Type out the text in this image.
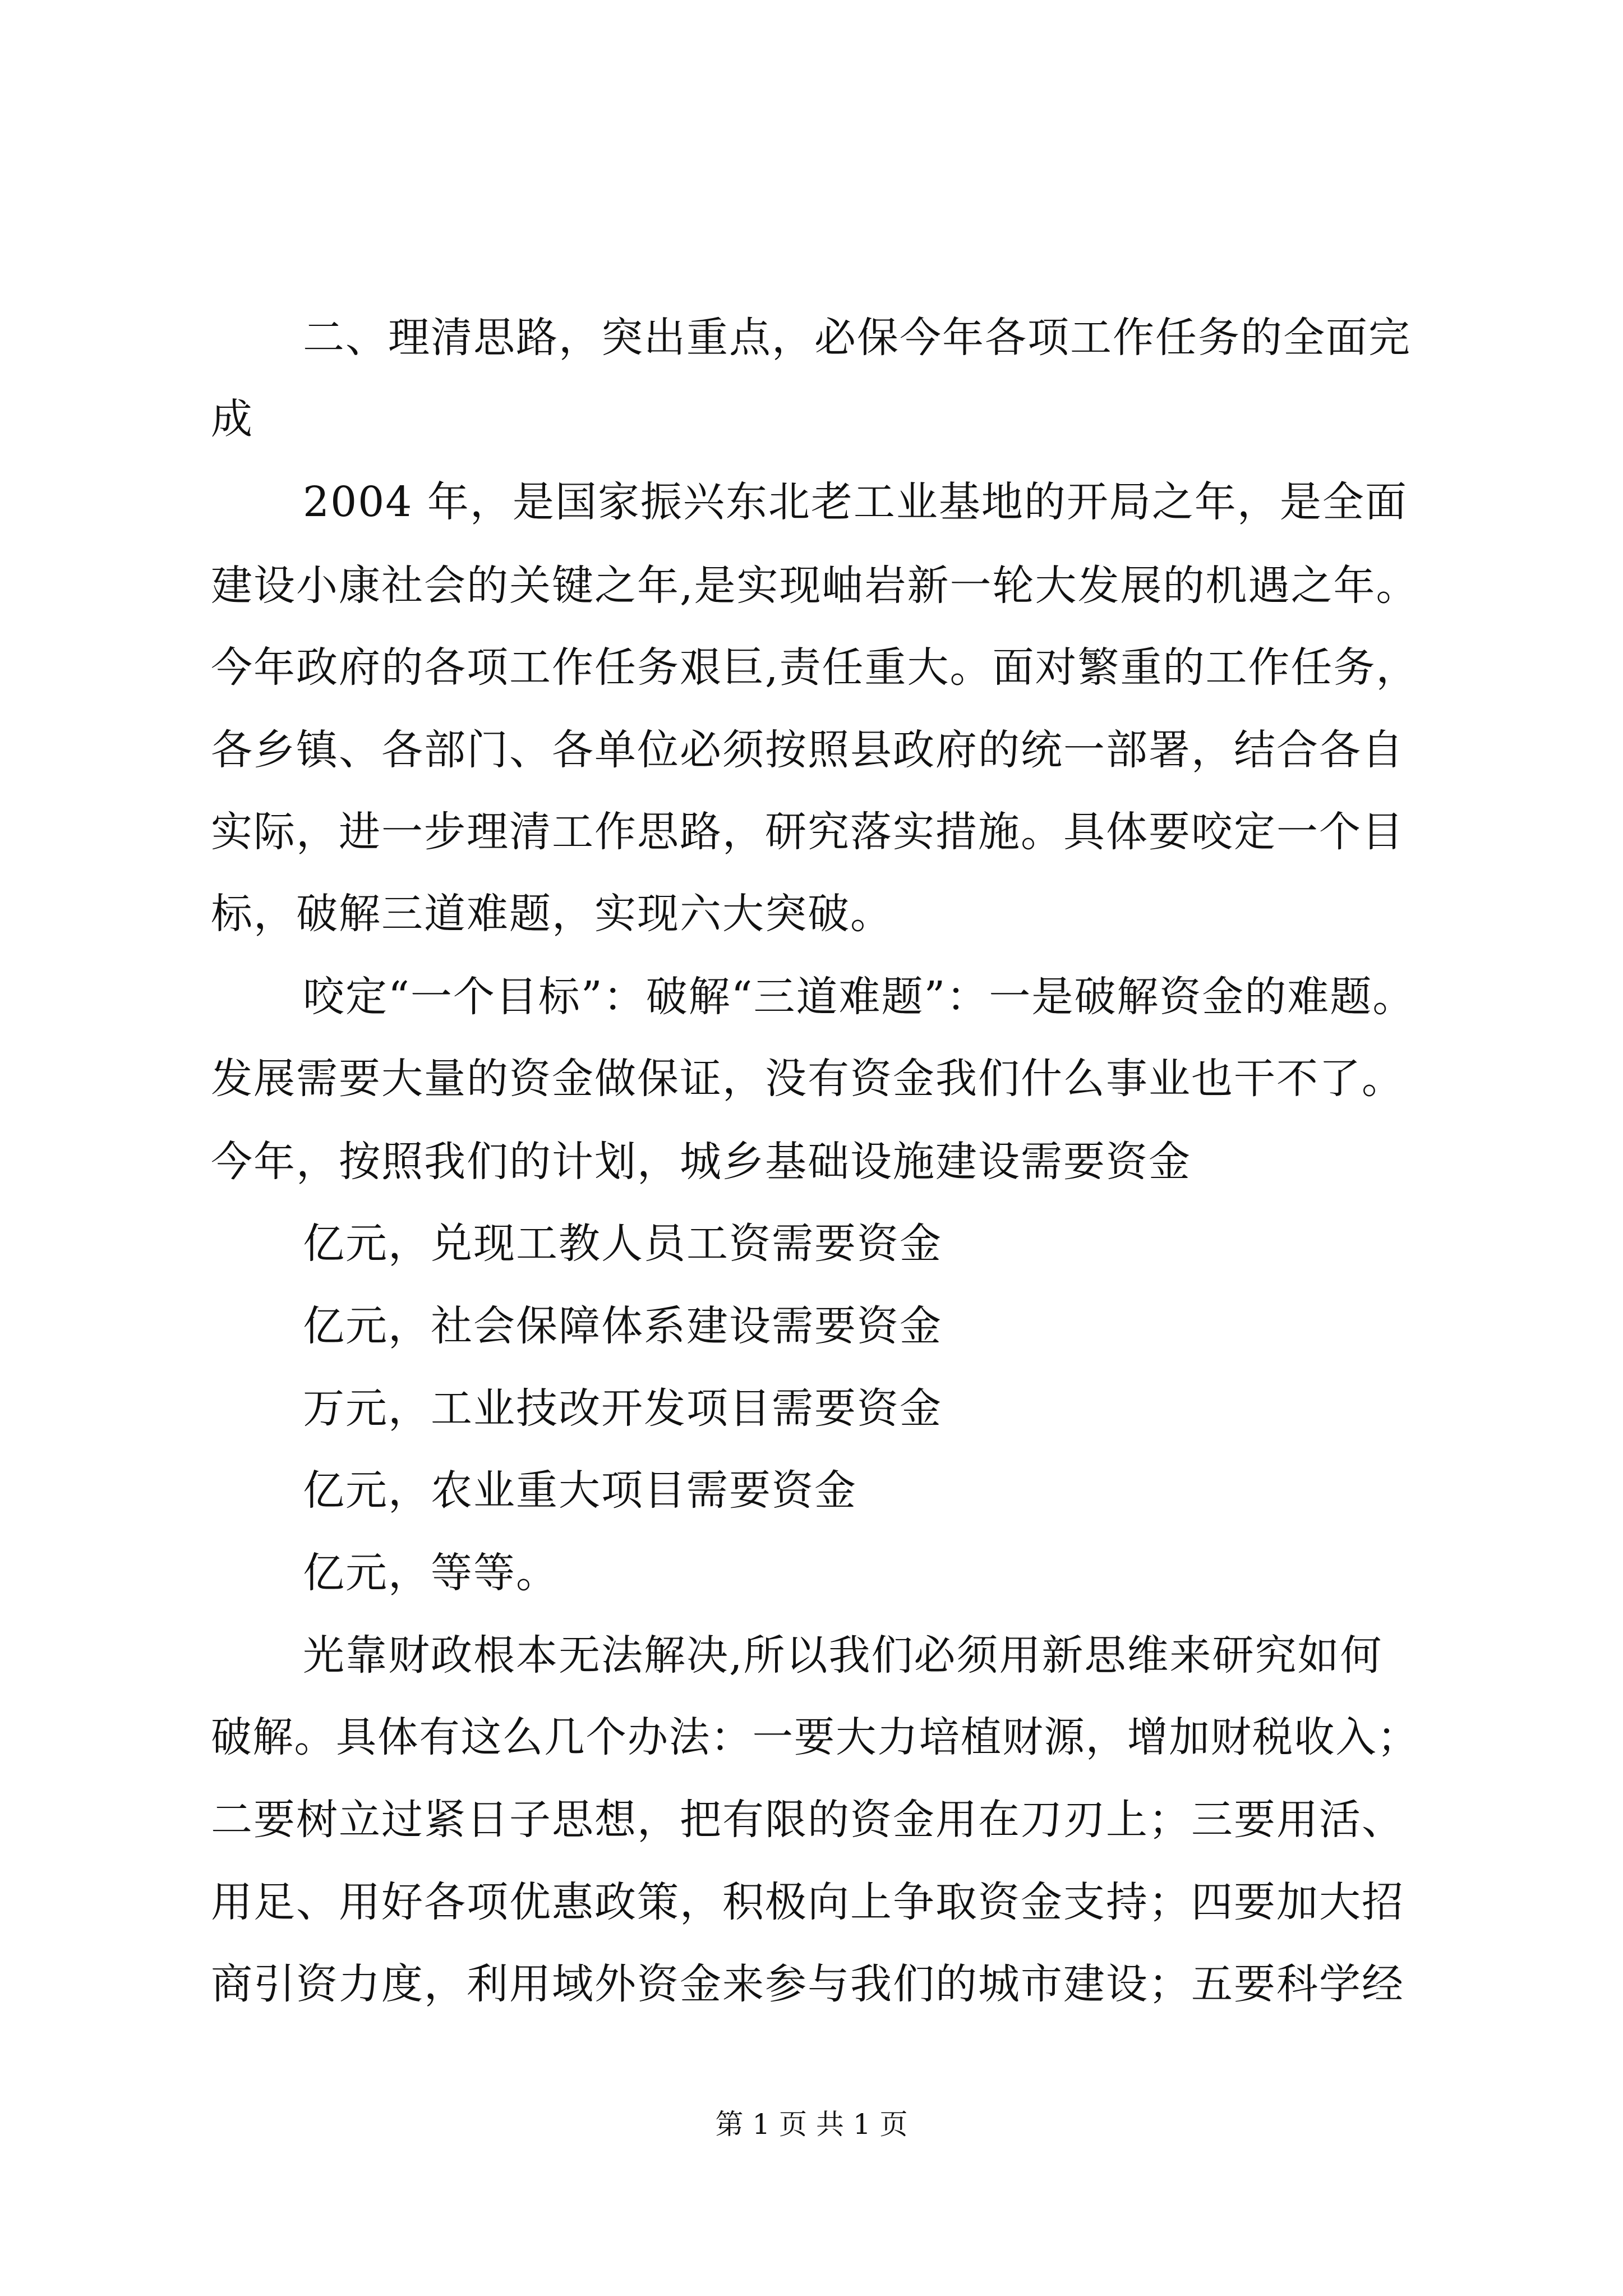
二、理清思路，突出重点，必保今年各项工作任务的全面完
成
2004 年，是国家振兴东北老工业基地的开局之年，是全面
建设小康社会的关键之年,是实现岫岩新一轮大发展的机遇之年。
今年政府的各项工作任务艰巨,责任重大。面对繁重的工作任务，
各乡镇、各部门、各单位必须按照县政府的统一部署，结合各自
实际，进一步理清工作思路，研究落实措施。具体要咬定一个目
标，破解三道难题，实现六大突破。
咬定“一个目标”：破解“三道难题”：一是破解资金的难题。
发展需要大量的资金做保证，没有资金我们什么事业也干不了。
今年，按照我们的计划，城乡基础设施建设需要资金
亿元，兑现工教人员工资需要资金
亿元，社会保障体系建设需要资金
万元，工业技改开发项目需要资金
亿元，农业重大项目需要资金
亿元，等等。
光靠财政根本无法解决,所以我们必须用新思维来研究如何
破解。具体有这么几个办法：一要大力培植财源，增加财税收入；
二要树立过紧日子思想，把有限的资金用在刀刃上；三要用活、
用足、用好各项优惠政策，积极向上争取资金支持；四要加大招
商引资力度，利用域外资金来参与我们的城市建设；五要科学经
第 1 页 共 1 页
